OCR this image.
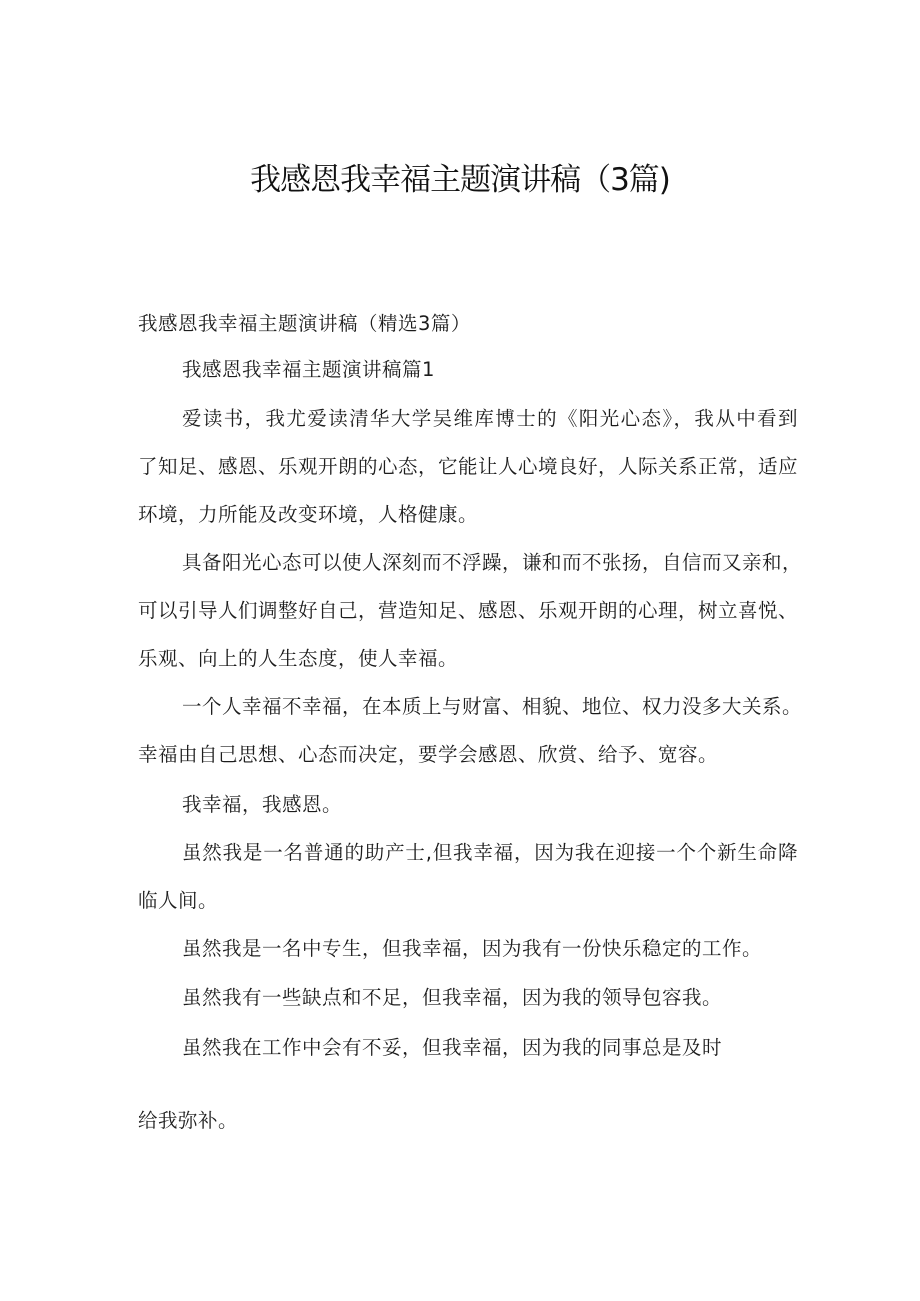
我感恩我幸福主题演讲稿（3篇)
我感恩我幸福主题演讲稿（精选3篇）
我感恩我幸福主题演讲稿篇1
爱读书，我尤爱读清华大学吴维库博士的《阳光心态》，我从中看到
了知足、感恩、乐观开朗的心态，它能让人心境良好，人际关系正常，适应
环境，力所能及改变环境，人格健康。
具备阳光心态可以使人深刻而不浮躁，谦和而不张扬，自信而又亲和，
可以引导人们调整好自己，营造知足、感恩、乐观开朗的心理，树立喜悦、
乐观、向上的人生态度，使人幸福。
一个人幸福不幸福，在本质上与财富、相貌、地位、权力没多大关系。
幸福由自己思想、心态而决定，要学会感恩、欣赏、给予、宽容。
我幸福，我感恩。
虽然我是一名普通的助产士,但我幸福，因为我在迎接一个个新生命降
临人间。
虽然我是一名中专生，但我幸福，因为我有一份快乐稳定的工作。
虽然我有一些缺点和不足，但我幸福，因为我的领导包容我。
虽然我在工作中会有不妥，但我幸福，因为我的同事总是及时
给我弥补。
